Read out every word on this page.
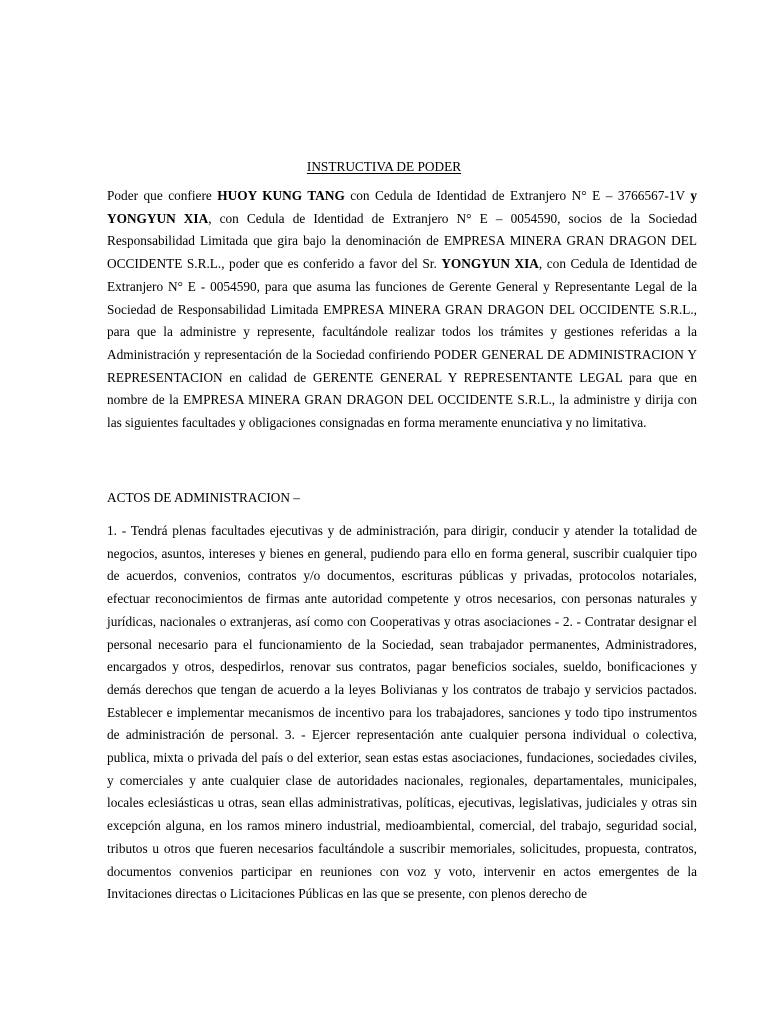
INSTRUCTIVA DE PODER
Poder que confiere HUOY KUNG TANG con Cedula de Identidad de Extranjero N° E – 3766567-1V y YONGYUN XIA, con Cedula de Identidad de Extranjero N° E – 0054590, socios de la Sociedad Responsabilidad Limitada que gira bajo la denominación de EMPRESA MINERA GRAN DRAGON DEL OCCIDENTE S.R.L., poder que es conferido a favor del Sr. YONGYUN XIA, con Cedula de Identidad de Extranjero N° E - 0054590, para que asuma las funciones de Gerente General y Representante Legal de la Sociedad de Responsabilidad Limitada EMPRESA MINERA GRAN DRAGON DEL OCCIDENTE S.R.L., para que la administre y represente, facultándole realizar todos los trámites y gestiones referidas a la Administración y representación de la Sociedad confiriendo PODER GENERAL DE ADMINISTRACION Y REPRESENTACION en calidad de GERENTE GENERAL Y REPRESENTANTE LEGAL para que en nombre de la EMPRESA MINERA GRAN DRAGON DEL OCCIDENTE S.R.L., la administre y dirija con las siguientes facultades y obligaciones consignadas en forma meramente enunciativa y no limitativa.
ACTOS DE ADMINISTRACION –
1. - Tendrá plenas facultades ejecutivas y de administración, para dirigir, conducir y atender la totalidad de negocios, asuntos, intereses y bienes en general, pudiendo para ello en forma general, suscribir cualquier tipo de acuerdos, convenios, contratos y/o documentos, escrituras públicas y privadas, protocolos notariales, efectuar reconocimientos de firmas ante autoridad competente y otros necesarios, con personas naturales y jurídicas, nacionales o extranjeras, así como con Cooperativas y otras asociaciones - 2. - Contratar designar el personal necesario para el funcionamiento de la Sociedad, sean trabajador permanentes, Administradores, encargados y otros, despedirlos, renovar sus contratos, pagar beneficios sociales, sueldo, bonificaciones y demás derechos que tengan de acuerdo a la leyes Bolivianas y los contratos de trabajo y servicios pactados. Establecer e implementar mecanismos de incentivo para los trabajadores, sanciones y todo tipo instrumentos de administración de personal. 3. - Ejercer representación ante cualquier persona individual o colectiva, publica, mixta o privada del país o del exterior, sean estas estas asociaciones, fundaciones, sociedades civiles, y comerciales y ante cualquier clase de autoridades nacionales, regionales, departamentales, municipales, locales eclesiásticas u otras, sean ellas administrativas, políticas, ejecutivas, legislativas, judiciales y otras sin excepción alguna, en los ramos minero industrial, medioambiental, comercial, del trabajo, seguridad social, tributos u otros que fueren necesarios facultándole a suscribir memoriales, solicitudes, propuesta, contratos, documentos convenios participar en reuniones con voz y voto, intervenir en actos emergentes de la Invitaciones directas o Licitaciones Públicas en las que se presente, con plenos derecho de
